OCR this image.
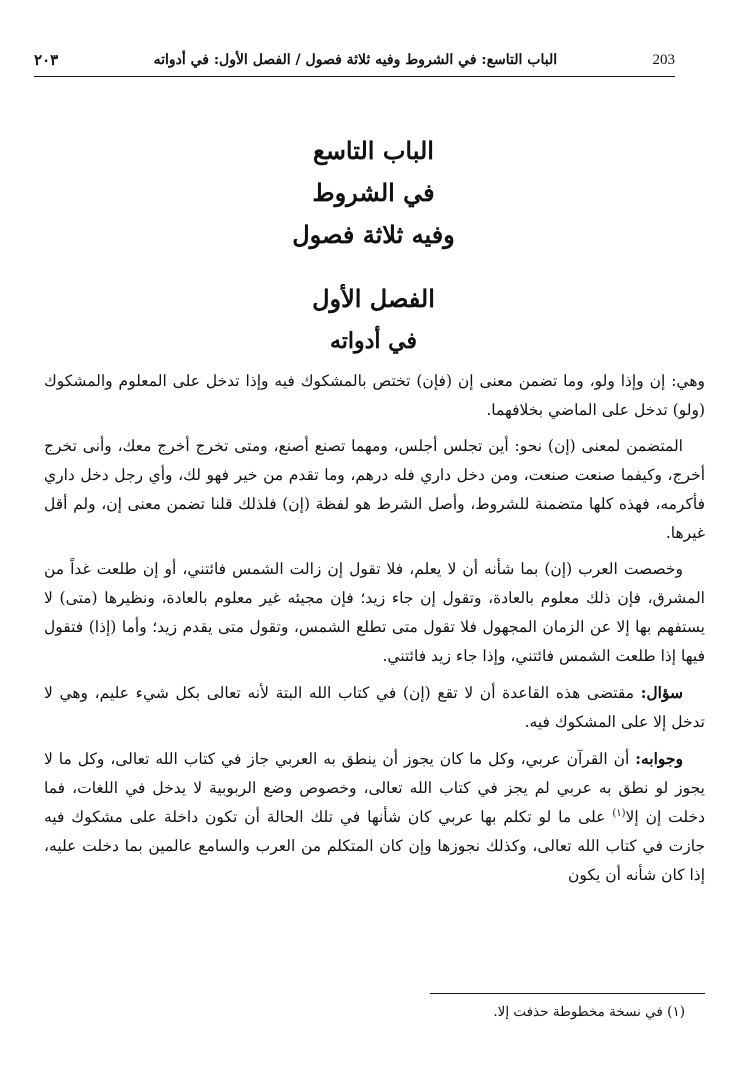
203
الباب التاسع: في الشروط وفيه ثلاثة فصول / الفصل الأول: في أدواته
٢٠٣
الباب التاسع
في الشروط
وفيه ثلاثة فصول
الفصل الأول
في أدواته

وهي: إن وإذا ولو، وما تضمن معنى إن (فإن) تختص بالمشكوك فيه وإذا تدخل على المعلوم والمشكوك (ولو) تدخل على الماضي بخلافهما.

المتضمن لمعنى (إن) نحو: أين تجلس أجلس، ومهما تصنع أصنع، ومتى تخرج أخرج معك، وأنى تخرج أخرج، وكيفما صنعت صنعت، ومن دخل داري فله درهم، وما تقدم من خير فهو لك، وأي رجل دخل داري فأكرمه، فهذه كلها متضمنة للشروط، وأصل الشرط هو لفظة (إن) فلذلك قلنا تضمن معنى إن، ولم أقل غيرها.

وخصصت العرب (إن) بما شأنه أن لا يعلم، فلا تقول إن زالت الشمس فائتني، أو إن طلعت غداً من المشرق، فإن ذلك معلوم بالعادة، وتقول إن جاء زيد؛ فإن مجيئه غير معلوم بالعادة، ونظيرها (متى) لا يستفهم بها إلا عن الزمان المجهول فلا تقول متى تطلع الشمس، وتقول متى يقدم زيد؛ وأما (إذا) فتقول فيها إذا طلعت الشمس فائتني، وإذا جاء زيد فائتني.

سؤال: مقتضى هذه القاعدة أن لا تقع (إن) في كتاب الله البتة لأنه تعالى بكل شيء عليم، وهي لا تدخل إلا على المشكوك فيه.

وجوابه: أن القرآن عربي، وكل ما كان يجوز أن ينطق به العربي جاز في كتاب الله تعالى، وكل ما لا يجوز لو نطق به عربي لم يجز في كتاب الله تعالى، وخصوص وضع الربوبية لا يدخل في اللغات، فما دخلت إن إلا$^{(١)}$ على ما لو تكلم بها عربي كان شأنها في تلك الحالة أن تكون داخلة على مشكوك فيه جازت في كتاب الله تعالى، وكذلك نجوزها وإن كان المتكلم من العرب والسامع عالمين بما دخلت عليه، إذا كان شأنه أن يكون

(١) في نسخة مخطوطة حذفت إلا.
